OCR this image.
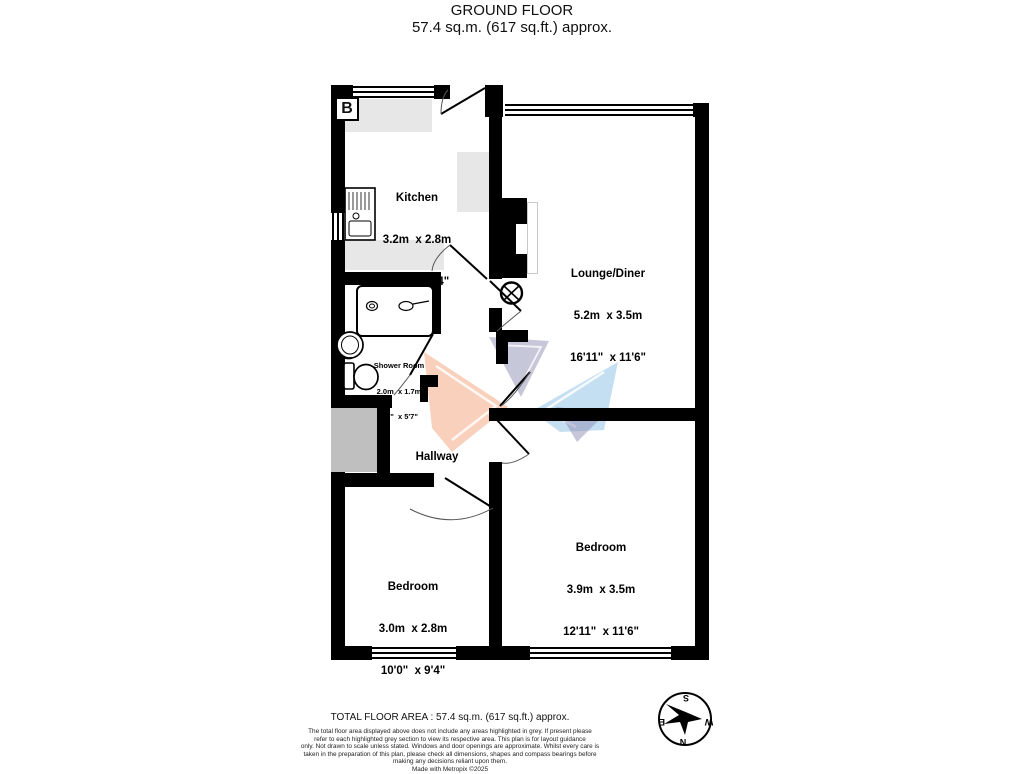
GROUND FLOOR
57.4 sq.m. (617 sq.ft.) approx.
S
N
E	W
B

Kitchen

3.2m  x 2.8m

10'6"  x 9'4"

Lounge/Diner

5.2m  x 3.5m

16'11"  x 11'6"

Shower Room

2.0m  x 1.7m

6'7"  x 5'7"

Hallway

Bedroom

3.9m  x 3.5m

12'11"  x 11'6"

Bedroom

3.0m  x 2.8m

10'0"  x 9'4"

TOTAL FLOOR AREA : 57.4 sq.m. (617 sq.ft.) approx.
The total floor area displayed above does not include any areas highlighted in grey. If present please
refer to each highlighted grey section to view its respective area. This plan is for layout guidance
only. Not drawn to scale unless stated. Windows and door openings are approximate. Whilst every care is
taken in the preparation of this plan, please check all dimensions, shapes and compass bearings before
making any decisions reliant upon them.
Made with Metropix ©2025
